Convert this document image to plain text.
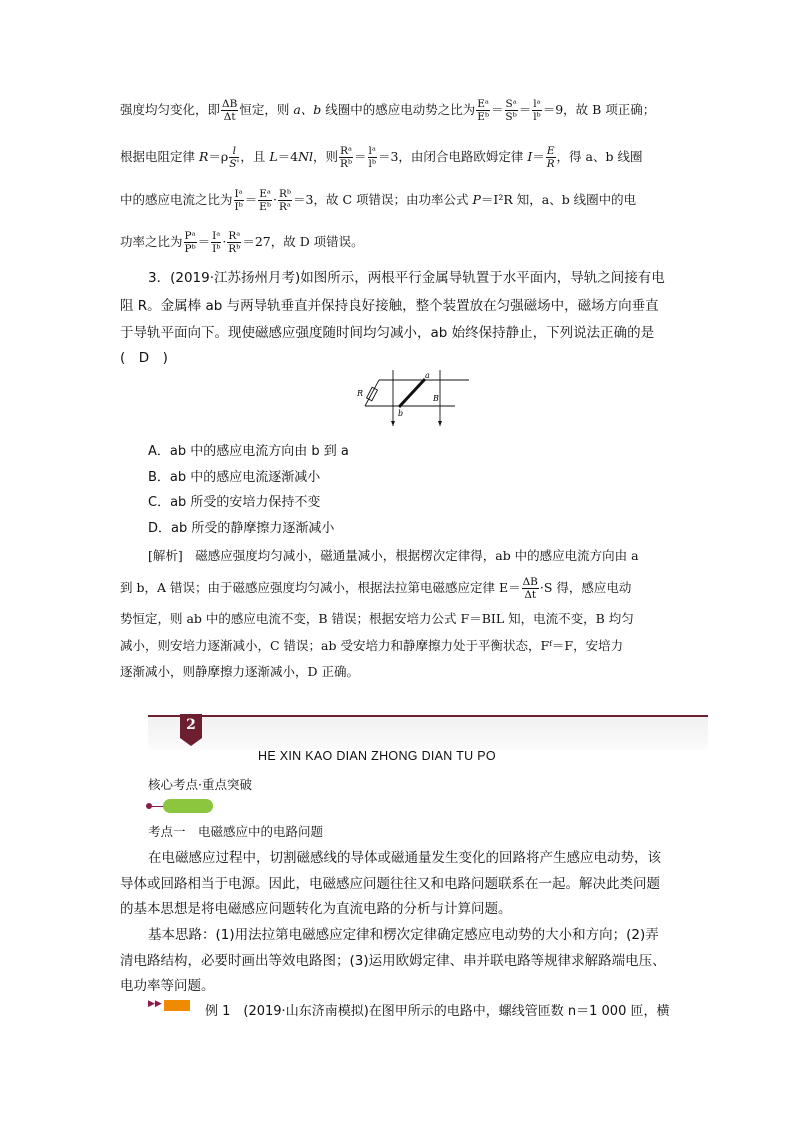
强度均匀变化，即 $\frac{\Delta B}{\Delta t}$ 恒定，则 a、b 线圈中的感应电动势之比为 $\frac{\text{Eᵃ}}{\text{Eᵇ}} = \frac{\text{Sᵃ}}{\text{Sᵇ}} = \frac{\text{lᵃ}}{\text{lᵇ}} =9$，故 B 项正确；
根据电阻定律 $R=\rho \frac{l}{S'}$ ，且 L＝4Nl，则 $\frac{\text{Rᵃ}}{\text{Rᵇ}} = \frac{\text{lᵃ}}{\text{lᵇ}} =3$，由闭合电路欧姆定律 $I= \frac{E}{R}$ ，得 a、b 线圈
中的感应电流之比为 $\frac{\text{Iᵃ}}{\text{Iᵇ}} = \frac{\text{Eᵃ}}{\text{Eᵇ}} \cdot \frac{\text{Rᵇ}}{\text{Rᵃ}} =3$，故 C 项错误；由功率公式 P＝I²R 知，a、b 线圈中的电
功率之比为 $\frac{\text{Pᵃ}}{\text{Pᵇ}} = \frac{\text{Iᵃ}}{\text{Iᵇ}} \cdot \frac{\text{Rᵃ}}{\text{Rᵇ}} =27$，故 D 项错误。
3．(2019·江苏扬州月考)如图所示，两根平行金属导轨置于水平面内，导轨之间接有电
阻 R。金属棒 ab 与两导轨垂直并保持良好接触，整个装置放在匀强磁场中，磁场方向垂直
于导轨平面向下。现使磁感应强度随时间均匀减小，ab 始终保持静止，下列说法正确的是
(　D　)
a
b
R
B
A．ab 中的感应电流方向由 b 到 a
B．ab 中的感应电流逐渐减小
C．ab 所受的安培力保持不变
D．ab 所受的静摩擦力逐渐减小
[解析]　磁感应强度均匀减小，磁通量减小，根据楞次定律得，ab 中的感应电流方向由 a
到 b，A 错误；由于磁感应强度均匀减小，根据法拉第电磁感应定律 $E= \frac{\Delta B}{\Delta t} \cdot S$ 得，感应电动
势恒定，则 ab 中的感应电流不变，B 错误；根据安培力公式 F＝BIL 知，电流不变，B 均匀
减小，则安培力逐渐减小，C 错误；ab 受安培力和静摩擦力处于平衡状态，Fᶠ＝F，安培力
逐渐减小，则静摩擦力逐渐减小，D 正确。
2
HE XIN KAO DIAN ZHONG DIAN TU PO
核心考点·重点突破
考点一　电磁感应中的电路问题
在电磁感应过程中，切割磁感线的导体或磁通量发生变化的回路将产生感应电动势，该
导体或回路相当于电源。因此，电磁感应问题往往又和电路问题联系在一起。解决此类问题
的基本思想是将电磁感应问题转化为直流电路的分析与计算问题。
基本思路：(1)用法拉第电磁感应定律和楞次定律确定感应电动势的大小和方向；(2)弄
清电路结构，必要时画出等效电路图；(3)运用欧姆定律、串并联电路等规律求解路端电压、
电功率等问题。
▶▶	例 1　(2019·山东济南模拟)在图甲所示的电路中，螺线管匝数 n＝1 000 匝，横
